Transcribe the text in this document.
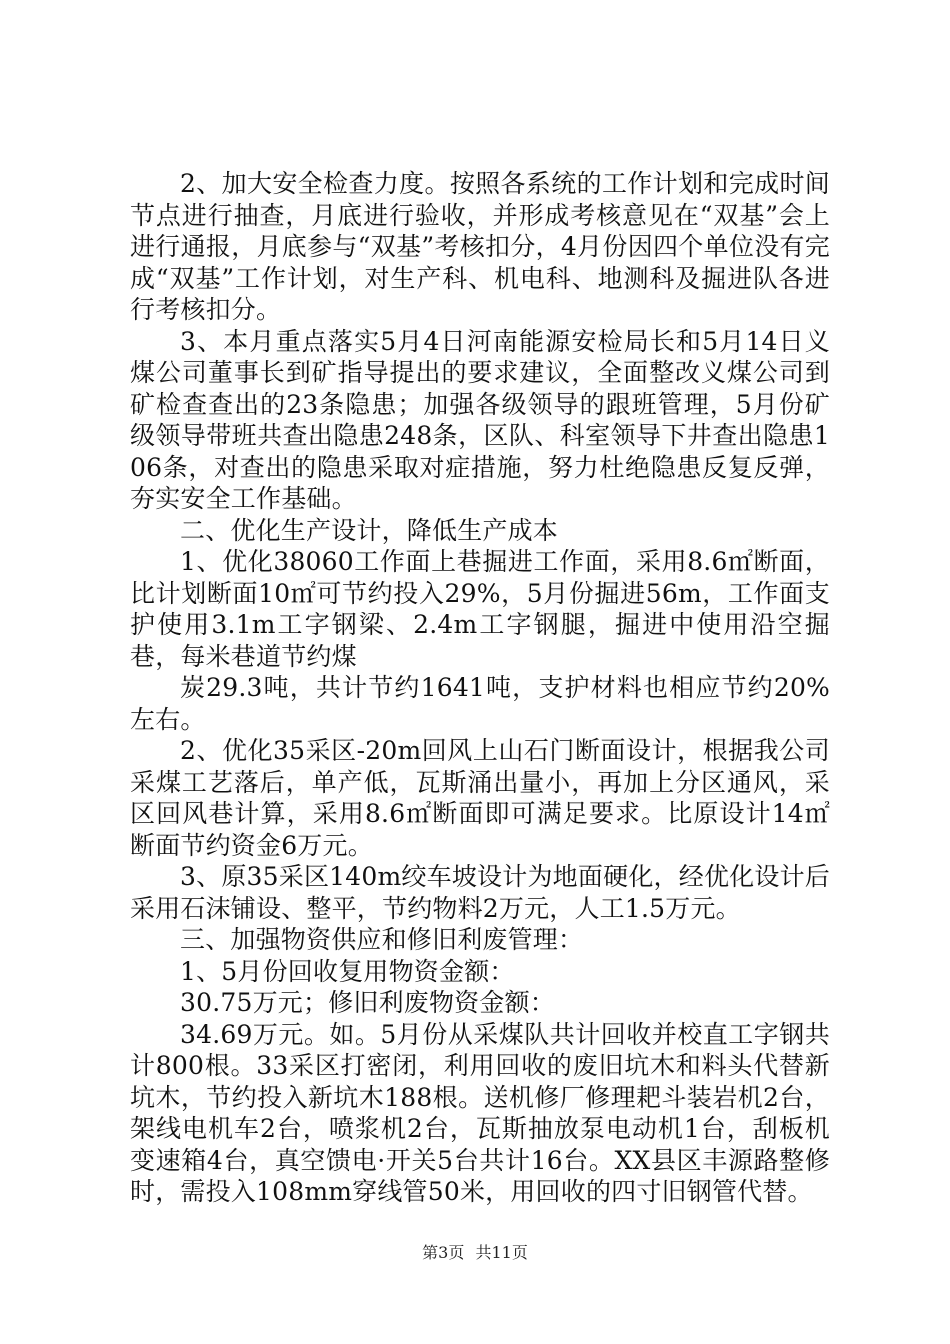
2、加大安全检查力度。按照各系统的工作计划和完成时间节点进行抽查，月底进行验收，并形成考核意见在“双基”会上进行通报，月底参与“双基”考核扣分，4月份因四个单位没有完成“双基”工作计划，对生产科、机电科、地测科及掘进队各进行考核扣分。

3、本月重点落实5月4日河南能源安检局长和5月14日义煤公司董事长到矿指导提出的要求建议，全面整改义煤公司到矿检查查出的23条隐患；加强各级领导的跟班管理，5月份矿级领导带班共查出隐患248条，区队、科室领导下井查出隐患106条，对查出的隐患采取对症措施，努力杜绝隐患反复反弹，夯实安全工作基础。

二、优化生产设计，降低生产成本

1、优化38060工作面上巷掘进工作面，采用8.6㎡断面，比计划断面10㎡可节约投入29%，5月份掘进56m，工作面支护使用3.1m工字钢梁、2.4m工字钢腿，掘进中使用沿空掘巷，每米巷道节约煤

炭29.3吨，共计节约1641吨，支护材料也相应节约20%左右。

2、优化35采区-20m回风上山石门断面设计，根据我公司采煤工艺落后，单产低，瓦斯涌出量小，再加上分区通风，采区回风巷计算，采用8.6㎡断面即可满足要求。比原设计14㎡断面节约资金6万元。

3、原35采区140m绞车坡设计为地面硬化，经优化设计后采用石沫铺设、整平，节约物料2万元，人工1.5万元。

三、加强物资供应和修旧利废管理：

1、5月份回收复用物资金额：

30.75万元；修旧利废物资金额：

34.69万元。如。5月份从采煤队共计回收并校直工字钢共计800根。33采区打密闭，利用回收的废旧坑木和料头代替新坑木，节约投入新坑木188根。送机修厂修理耙斗装岩机2台，架线电机车2台，喷浆机2台，瓦斯抽放泵电动机1台，刮板机变速箱4台，真空馈电·开关5台共计16台。XX县区丰源路整修时，需投入108mm穿线管50米，用回收的四寸旧钢管代替。

第3页 共11页
